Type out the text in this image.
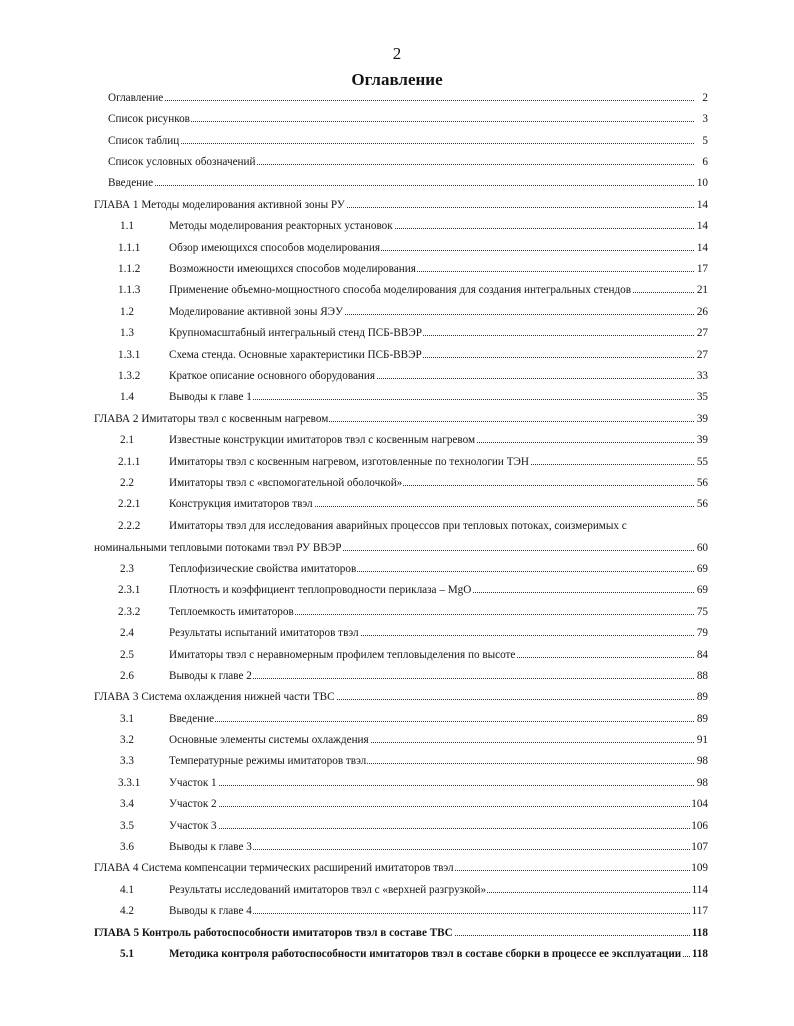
2
Оглавление
Оглавление	2
Список рисунков	3
Список таблиц	5
Список условных обозначений	6
Введение	10
ГЛАВА 1 Методы моделирования активной зоны РУ	14
1.1	Методы моделирования реакторных установок	14
1.1.1	Обзор имеющихся способов моделирования	14
1.1.2	Возможности имеющихся способов моделирования	17
1.1.3	Применение объемно-мощностного способа моделирования для создания интегральных стендов	21
1.2	Моделирование активной зоны ЯЭУ	26
1.3	Крупномасштабный интегральный стенд ПСБ-ВВЭР	27
1.3.1	Схема стенда. Основные характеристики ПСБ-ВВЭР	27
1.3.2	Краткое описание основного оборудования	33
1.4	Выводы к главе 1	35
ГЛАВА 2 Имитаторы твэл с косвенным нагревом	39
2.1	Известные конструкции имитаторов твэл с косвенным нагревом	39
2.1.1	Имитаторы твэл с косвенным нагревом, изготовленные по технологии ТЭН	55
2.2	Имитаторы твэл с «вспомогательной оболочкой»	56
2.2.1	Конструкция имитаторов твэл	56
2.2.2	Имитаторы твэл для исследования аварийных процессов при тепловых потоках, соизмеримых с
номинальными тепловыми потоками твэл РУ ВВЭР	60
2.3	Теплофизические свойства имитаторов	69
2.3.1	Плотность и коэффициент теплопроводности периклаза – MgO	69
2.3.2	Теплоемкость имитаторов	75
2.4	Результаты испытаний имитаторов твэл	79
2.5	Имитаторы твэл с неравномерным профилем тепловыделения по высоте	84
2.6	Выводы к главе 2	88
ГЛАВА 3 Система охлаждения нижней части ТВС	89
3.1	Введение	89
3.2	Основные элементы системы охлаждения	91
3.3	Температурные режимы имитаторов твэл	98
3.3.1	Участок 1	98
3.4	Участок 2	104
3.5	Участок 3	106
3.6	Выводы к главе 3	107
ГЛАВА 4 Система компенсации термических расширений имитаторов твэл	109
4.1	Результаты исследований имитаторов твэл с «верхней разгрузкой»	114
4.2	Выводы к главе 4	117
ГЛАВА 5 Контроль работоспособности имитаторов твэл в составе ТВС	118
5.1	Методика контроля работоспособности имитаторов твэл в составе сборки в процессе ее эксплуатации 118
